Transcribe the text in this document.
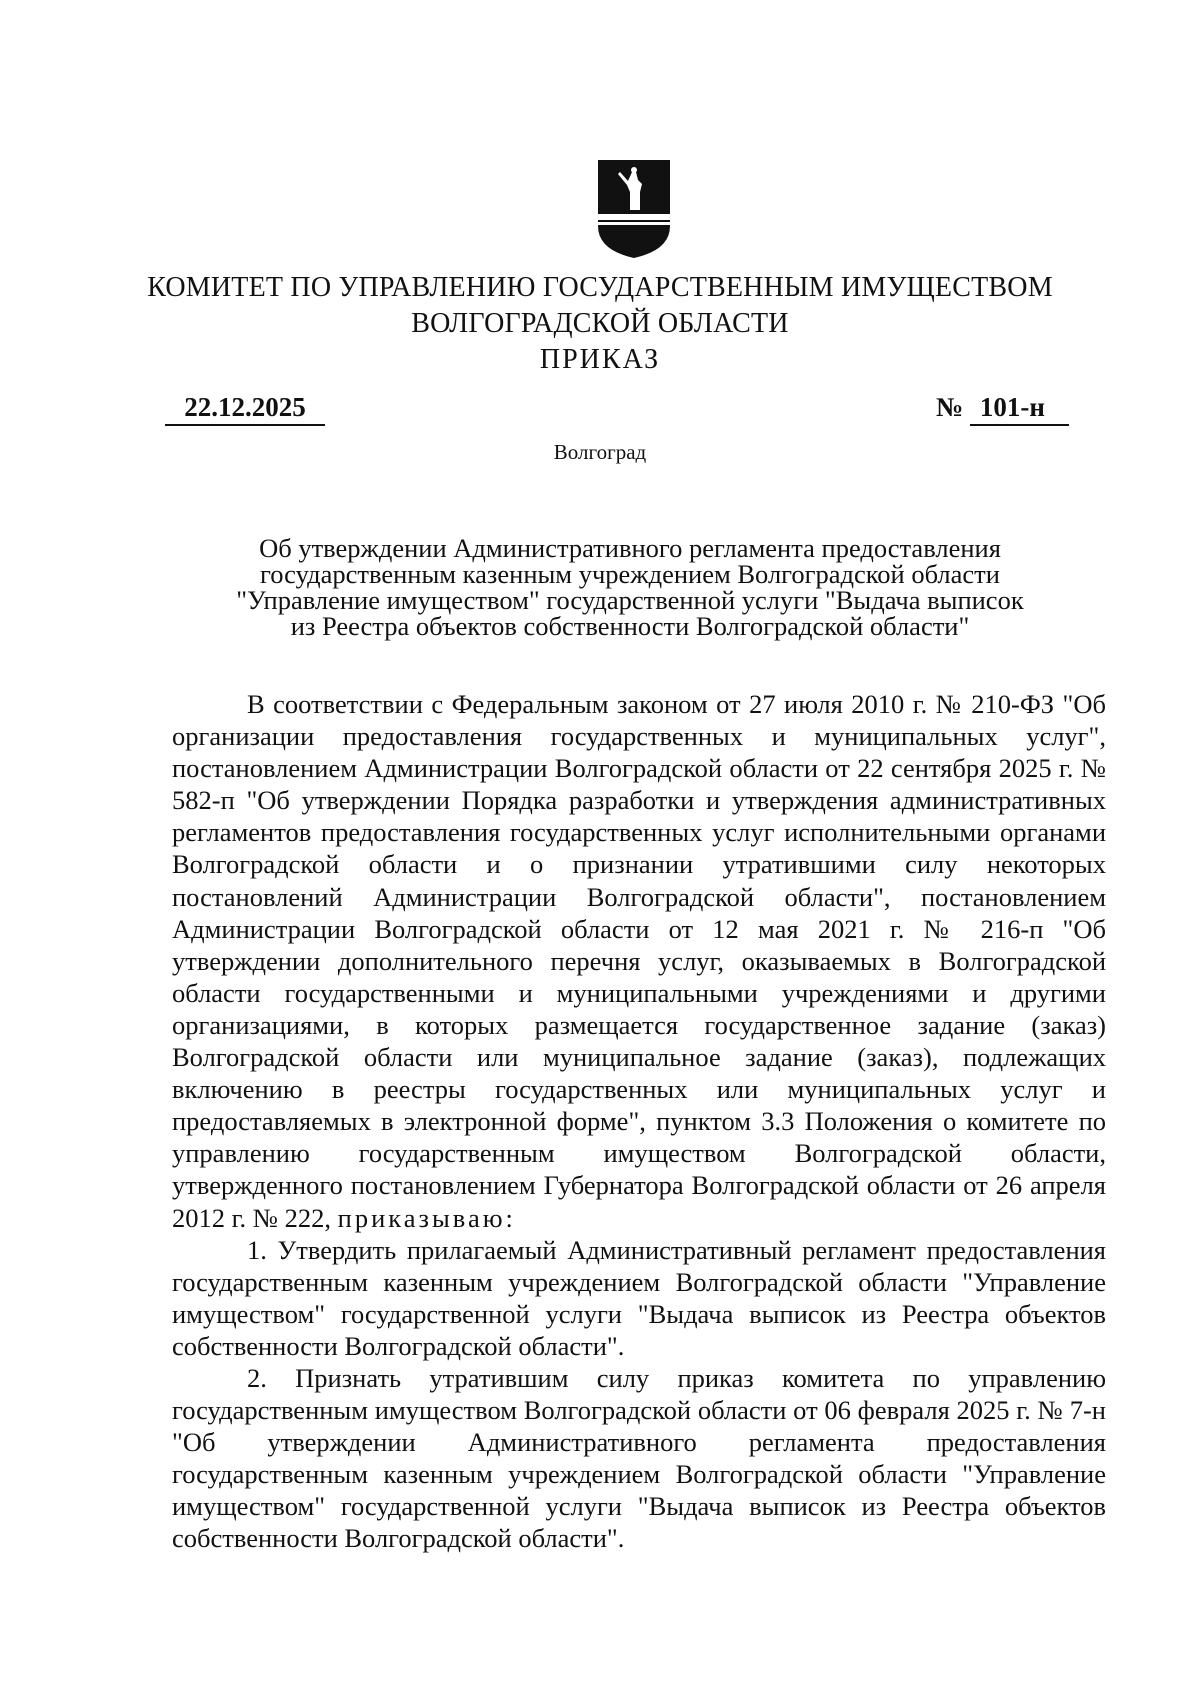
КОМИТЕТ ПО УПРАВЛЕНИЮ ГОСУДАРСТВЕННЫМ ИМУЩЕСТВОМ
ВОЛГОГРАДСКОЙ ОБЛАСТИ
ПРИКАЗ
22.12.2025	№ 101-н
Волгоград
Об утверждении Административного регламента предоставления
государственным казенным учреждением Волгоградской области
"Управление имуществом" государственной услуги "Выдача выписок
из Реестра объектов собственности Волгоградской области"

В соответствии с Федеральным законом от 27 июля 2010 г. № 210-ФЗ "Об организации предоставления государственных и муниципальных услуг", постановлением Администрации Волгоградской области от 22 сентября 2025 г. № 582-п "Об утверждении Порядка разработки и утверждения административных регламентов предоставления государственных услуг исполнительными органами Волгоградской области и о признании утратившими силу некоторых постановлений Администрации Волгоградской области", постановлением Администрации Волгоградской области от 12 мая 2021 г. № 216-п "Об утверждении дополнительного перечня услуг, оказываемых в Волгоградской области государственными и муниципальными учреждениями и другими организациями, в которых размещается государственное задание (заказ) Волгоградской области или муниципальное задание (заказ), подлежащих включению в реестры государственных или муниципальных услуг и предоставляемых в электронной форме", пунктом 3.3 Положения о комитете по управлению государственным имуществом Волгоградской области, утвержденного постановлением Губернатора Волгоградской области от 26 апреля 2012 г. № 222, приказываю:

1. Утвердить прилагаемый Административный регламент предоставления государственным казенным учреждением Волгоградской области "Управление имуществом" государственной услуги "Выдача выписок из Реестра объектов собственности Волгоградской области".

2. Признать утратившим силу приказ комитета по управлению государственным имуществом Волгоградской области от 06 февраля 2025 г. № 7-н "Об утверждении Административного регламента предоставления государственным казенным учреждением Волгоградской области "Управление имуществом" государственной услуги "Выдача выписок из Реестра объектов собственности Волгоградской области".
